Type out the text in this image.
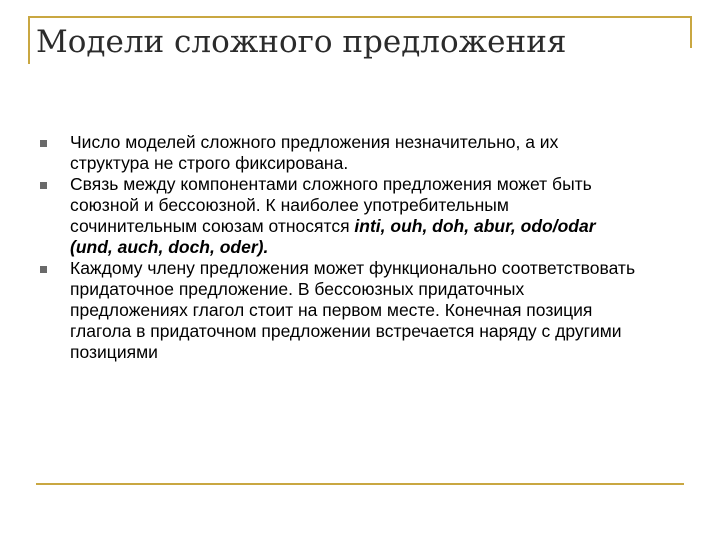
Модели сложного предложения
Число моделей сложного предложения незначительно, а их структура не строго фиксирована.
Связь между компонентами сложного предложения может быть союзной и бессоюзной. К наиболее употребительным сочинительным союзам относятся inti, ouh, doh, abur, odo/odar (und, auch, doch, oder).
Каждому члену предложения может функционально соответствовать придаточное предложение. В бессоюзных придаточных предложениях глагол стоит на первом месте. Конечная позиция глагола в придаточном предложении встречается наряду с другими позициями
